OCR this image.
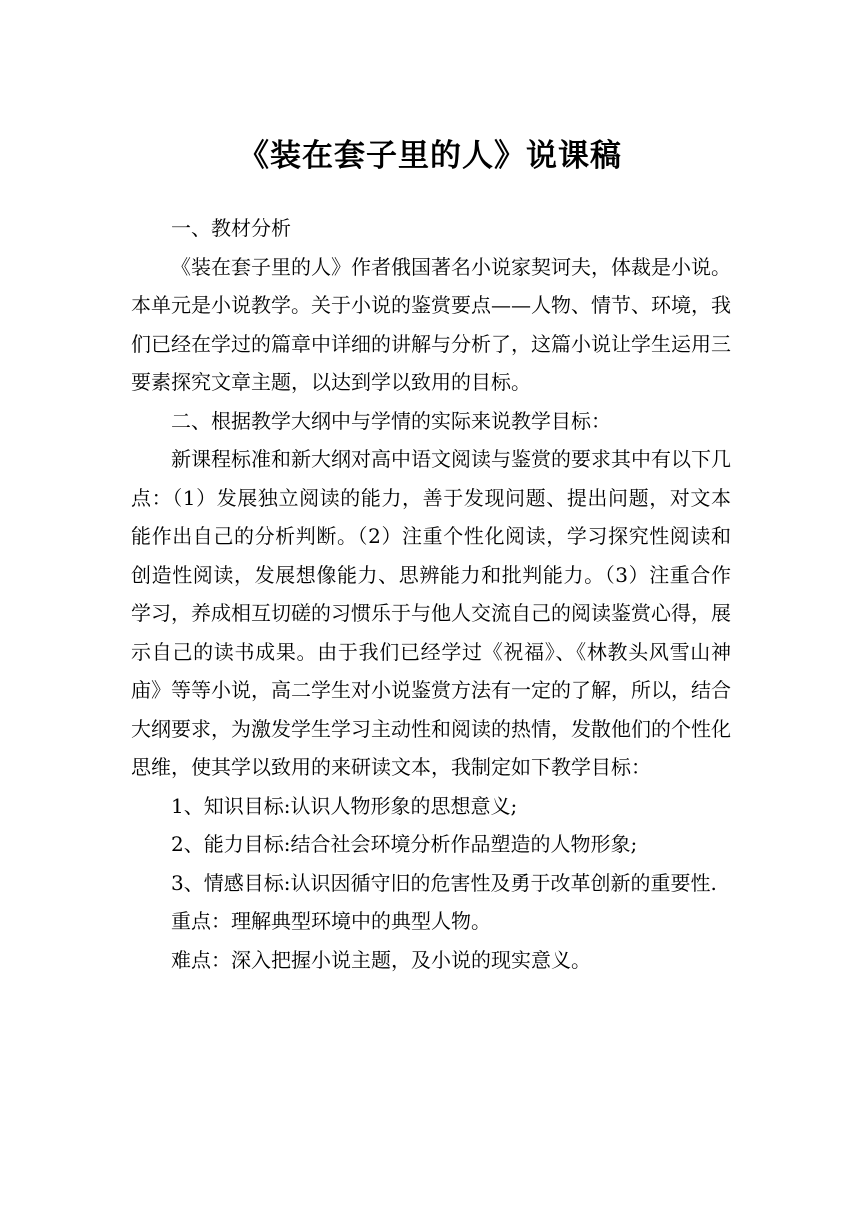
《装在套子里的人》说课稿

一、教材分析

《装在套子里的人》作者俄国著名小说家契诃夫，体裁是小说。本单元是小说教学。关于小说的鉴赏要点——人物、情节、环境，我们已经在学过的篇章中详细的讲解与分析了，这篇小说让学生运用三要素探究文章主题，以达到学以致用的目标。

二、根据教学大纲中与学情的实际来说教学目标：

新课程标准和新大纲对高中语文阅读与鉴赏的要求其中有以下几点：（1）发展独立阅读的能力，善于发现问题、提出问题，对文本能作出自己的分析判断。（2）注重个性化阅读，学习探究性阅读和创造性阅读，发展想像能力、思辨能力和批判能力。（3）注重合作学习，养成相互切磋的习惯乐于与他人交流自己的阅读鉴赏心得，展示自己的读书成果。由于我们已经学过《祝福》、《林教头风雪山神庙》等等小说，高二学生对小说鉴赏方法有一定的了解，所以，结合大纲要求，为激发学生学习主动性和阅读的热情，发散他们的个性化思维，使其学以致用的来研读文本，我制定如下教学目标：

1、知识目标:认识人物形象的思想意义;

2、能力目标:结合社会环境分析作品塑造的人物形象;

3、情感目标:认识因循守旧的危害性及勇于改革创新的重要性.

重点：理解典型环境中的典型人物。

难点：深入把握小说主题，及小说的现实意义。
